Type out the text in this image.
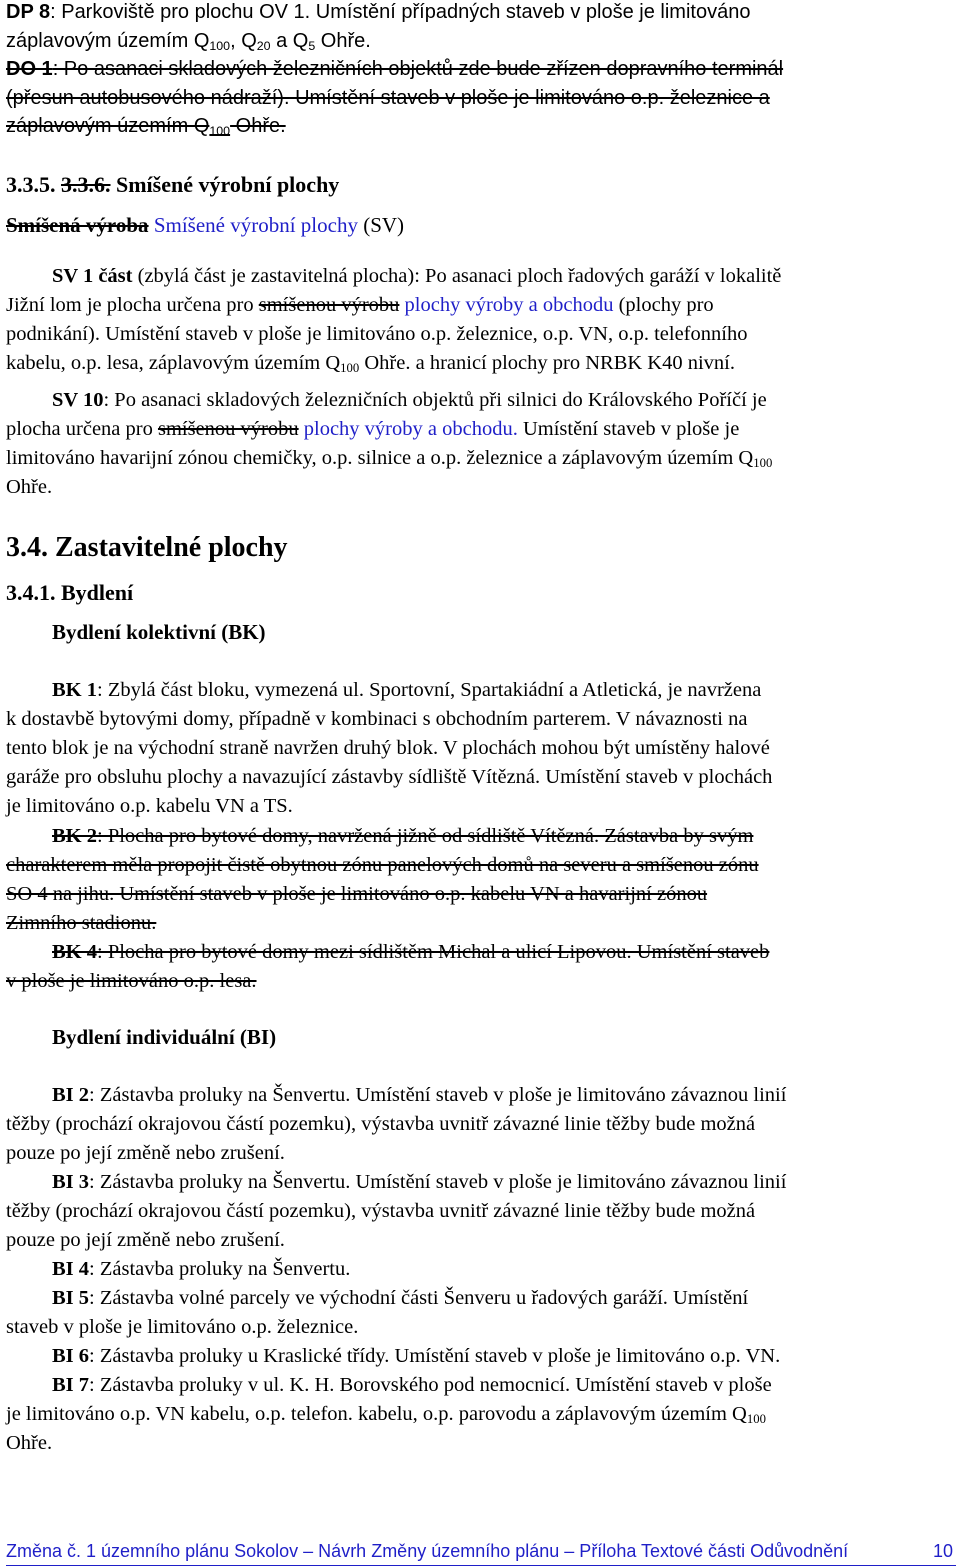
DP 8: Parkoviště pro plochu OV 1. Umístění případných staveb v ploše je limitováno
záplavovým územím $Q_{100}$, $Q_{20}$ a $Q_5$ Ohře.

DO 1: Po asanaci skladových železničních objektů zde bude zřízen dopravního terminál
(přesun autobusového nádraží). Umístění staveb v ploše je limitováno o.p. železnice a
záplavovým územím $Q_{100}$ Ohře.

3.3.5. 3.3.6. Smíšené výrobní plochy
Smíšená výroba Smíšené výrobní plochy (SV)

SV 1 část (zbylá část je zastavitelná plocha): Po asanaci ploch řadových garáží v lokalitě
Jižní lom je plocha určena pro smíšenou výrobu plochy výroby a obchodu (plochy pro
podnikání). Umístění staveb v ploše je limitováno o.p. železnice, o.p. VN, o.p. telefonního
kabelu, o.p. lesa, záplavovým územím $Q_{100}$ Ohře. a hranicí plochy pro NRBK K40 nivní.

SV 10: Po asanaci skladových železničních objektů při silnici do Královského Poříčí je
plocha určena pro smíšenou výrobu plochy výroby a obchodu. Umístění staveb v ploše je
limitováno havarijní zónou chemičky, o.p. silnice a o.p. železnice a záplavovým územím $Q_{100}$
Ohře.

3.4. Zastavitelné plochy
3.4.1. Bydlení
Bydlení kolektivní (BK)

BK 1: Zbylá část bloku, vymezená ul. Sportovní, Spartakiádní a Atletická, je navržena
k dostavbě bytovými domy, případně v kombinaci s obchodním parterem. V návaznosti na
tento blok je na východní straně navržen druhý blok. V plochách mohou být umístěny halové
garáže pro obsluhu plochy a navazující zástavby sídliště Vítězná. Umístění staveb v plochách
je limitováno o.p. kabelu VN a TS.

BK 2: Plocha pro bytové domy, navržená jižně od sídliště Vítězná. Zástavba by svým
charakterem měla propojit čistě obytnou zónu panelových domů na severu a smíšenou zónu
SO 4 na jihu. Umístění staveb v ploše je limitováno o.p. kabelu VN a havarijní zónou
Zimního stadionu.

BK 4: Plocha pro bytové domy mezi sídlištěm Michal a ulicí Lipovou. Umístění staveb
v ploše je limitováno o.p. lesa.

Bydlení individuální (BI)

BI 2: Zástavba proluky na Šenvertu. Umístění staveb v ploše je limitováno závaznou linií
těžby (prochází okrajovou částí pozemku), výstavba uvnitř závazné linie těžby bude možná
pouze po její změně nebo zrušení.

BI 3: Zástavba proluky na Šenvertu. Umístění staveb v ploše je limitováno závaznou linií
těžby (prochází okrajovou částí pozemku), výstavba uvnitř závazné linie těžby bude možná
pouze po její změně nebo zrušení.

BI 4: Zástavba proluky na Šenvertu.

BI 5: Zástavba volné parcely ve východní části Šenveru u řadových garáží. Umístění
staveb v ploše je limitováno o.p. železnice.

BI 6: Zástavba proluky u Kraslické třídy. Umístění staveb v ploše je limitováno o.p. VN.

BI 7: Zástavba proluky v ul. K. H. Borovského pod nemocnicí. Umístění staveb v ploše
je limitováno o.p. VN kabelu, o.p. telefon. kabelu, o.p. parovodu a záplavovým územím $Q_{100}$
Ohře.

Změna č. 1 územního plánu Sokolov – Návrh Změny územního plánu – Příloha Textové části Odůvodnění	10
